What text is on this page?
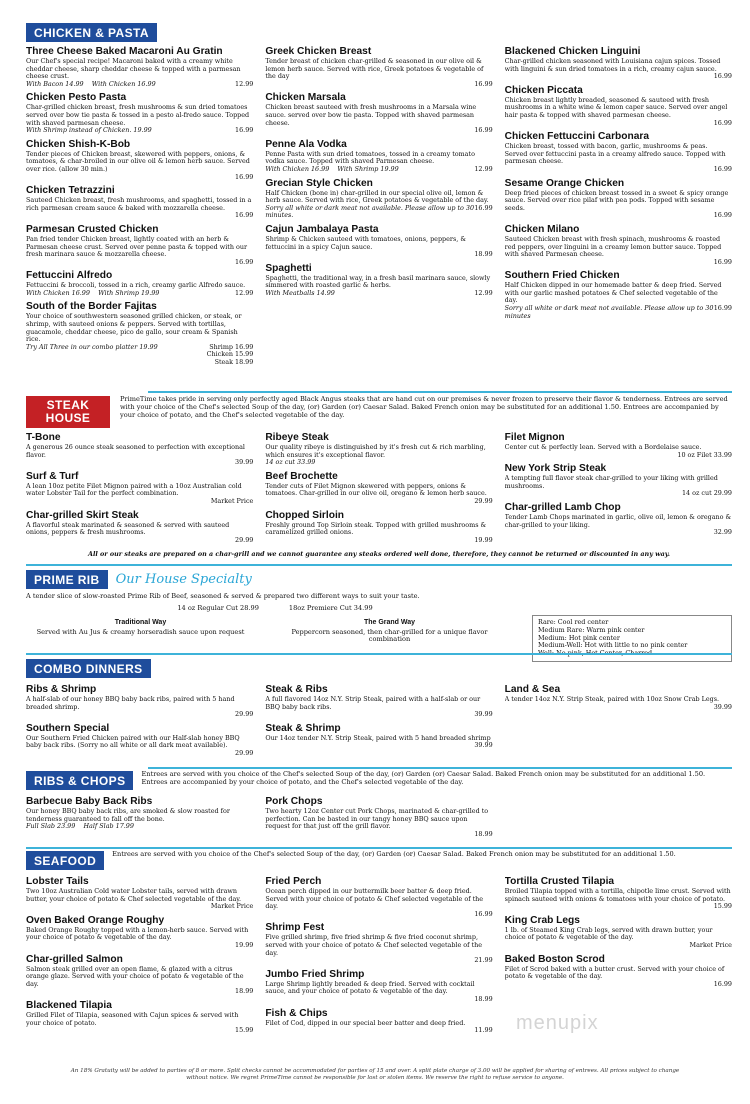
CHICKEN & PASTA
Three Cheese Baked Macaroni Au Gratin
Our Chef's special recipe! Macaroni baked with a creamy white cheddar cheese, sharp cheddar cheese & topped with a parmesan cheese crust.
With Bacon 14.99    With Chicken 16.99	12.99
Chicken Pesto Pasta
Char-grilled chicken breast, fresh mushrooms & sun dried tomatoes served over bow tie pasta & tossed in a pesto al-fredo sauce. Topped with shaved parmesan cheese.
With Shrimp instead of Chicken. 19.99	16.99
Chicken Shish-K-Bob
Tender pieces of Chicken breast, skewered with peppers, onions, & tomatoes, & char-broiled in our olive oil & lemon herb sauce. Served over rice. (allow 30 min.)
16.99
Chicken Tetrazzini
Sauteed Chicken breast, fresh mushrooms, and spaghetti, tossed in a rich parmesan cream sauce & baked with mozzarella cheese.
16.99
Parmesan Crusted Chicken
Pan fried tender Chicken breast, lightly coated with an herb & Parmesan cheese crust. Served over penne pasta & topped with our fresh marinara sauce & mozzarella cheese.
16.99
Fettuccini Alfredo
Fettuccini & broccoli, tossed in a rich, creamy garlic Alfredo sauce.
With Chicken 16.99    With Shrimp 19.99	12.99
South of the Border Fajitas
Your choice of southwestern seasoned grilled chicken, or steak, or shrimp, with sauteed onions & peppers. Served with tortillas, guacamole, cheddar cheese, pico de gallo, sour cream & Spanish rice.
Try All Three in our combo platter 19.99	Shrimp 16.99
Chicken 15.99
Steak 18.99
Greek Chicken Breast
Tender breast of chicken char-grilled & seasoned in our olive oil & lemon herb sauce. Served with rice, Greek potatoes & vegetable of the day
16.99
Chicken Marsala
Chicken breast sauteed with fresh mushrooms in a Marsala wine sauce. served over bow tie pasta. Topped with shaved parmesan cheese.
16.99
Penne Ala Vodka
Penne Pasta with sun dried tomatoes, tossed in a creamy tomato vodka sauce. Topped with shaved Parmesan cheese.
With Chicken 16.99    With Shrimp 19.99	12.99
Grecian Style Chicken
Half Chicken (bone in) char-grilled in our special olive oil, lemon & herb sauce. Served with rice, Greek potatoes & vegetable of the day.
Sorry all white or dark meat not available. Please allow up to 30 minutes.
16.99
Cajun Jambalaya Pasta
Shrimp & Chicken sauteed with tomatoes, onions, peppers, & fettuccini in a spicy Cajun sauce.
18.99
Spaghetti
Spaghetti, the traditional way, in a fresh basil marinara sauce, slowly simmered with roasted garlic & herbs.
With Meatballs 14.99	12.99
Blackened Chicken Linguini
Char-grilled chicken seasoned with Louisiana cajun spices. Tossed with linguini & sun dried tomatoes in a rich, creamy cajun sauce.
16.99
Chicken Piccata
Chicken breast lightly breaded, seasoned & sauteed with fresh mushrooms in a white wine & lemon caper sauce. Served over angel hair pasta & topped with shaved parmesan cheese.
16.99
Chicken Fettuccini Carbonara
Chicken breast, tossed with bacon, garlic, mushrooms & peas. Served over fettuccini pasta in a creamy alfredo sauce. Topped with parmesan cheese.
16.99
Sesame Orange Chicken
Deep fried pieces of chicken breast tossed in a sweet & spicy orange sauce. Served over rice pilaf with pea pods. Topped with sesame seeds.
16.99
Chicken Milano
Sauteed Chicken breast with fresh spinach, mushrooms & roasted red peppers, over linguini in a creamy lemon butter sauce. Topped with shaved Parmesan cheese.
16.99
Southern Fried Chicken
Half Chicken dipped in our homemade batter & deep fried. Served with our garlic mashed potatoes & Chef selected vegetable of the day.
Sorry all white or dark meat not available. Please allow up to 30 minutes
16.99
STEAK
HOUSE
PrimeTime takes pride in serving only perfectly aged Black Angus steaks that are hand cut on our premises & never frozen to preserve their flavor & tenderness. Entrees are served with your choice of the Chef's selected Soup of the day, (or) Garden (or) Caesar Salad. Baked French onion may be substituted for an additional 1.50. Entrees are accompanied by your choice of potato, and the Chef's selected vegetable of the day.
T-Bone
A generous 26 ounce steak seasoned to perfection with exceptional flavor.
39.99
Surf & Turf
A lean 10oz petite Filet Mignon paired with a 10oz Australian cold water Lobster Tail for the perfect combination.
Market Price
Char-grilled Skirt Steak
A flavorful steak marinated & seasoned & served with sauteed onions, peppers & fresh mushrooms.
29.99
Ribeye Steak
Our quality ribeye is distinguished by it's fresh cut & rich marbling, which ensures it's exceptional flavor.
14 oz cut 33.99
Beef Brochette
Tender cuts of Filet Mignon skewered with peppers, onions & tomatoes. Char-grilled in our olive oil, oregano & lemon herb sauce.
29.99
Chopped Sirloin
Freshly ground Top Sirloin steak. Topped with grilled mushrooms & caramelized grilled onions.
19.99
Filet Mignon
Center cut & perfectly lean. Served with a Bordelaise sauce.
10 oz Filet 33.99
New York Strip Steak
A tempting full flavor steak char-grilled to your liking with grilled mushrooms.
14 oz cut 29.99
Char-grilled Lamb Chop
Tender Lamb Chops marinated in garlic, olive oil, lemon & oregano & char-grilled to your liking.
32.99
All or our steaks are prepared on a char-grill and we cannot guarantee any steaks ordered well done, therefore, they cannot be returned or discounted in any way.
PRIME RIB	Our House Specialty
A tender slice of slow-roasted Prime Rib of Beef, seasoned & served & prepared two different ways to suit your taste.
14 oz Regular Cut 28.99	18oz Premiere Cut 34.99
Traditional Way
Served with Au Jus & creamy horseradish sauce upon request
The Grand Way
Peppercorn seasoned, then char-grilled for a unique flavor combination
Rare: Cool red center
Medium Rare: Warm pink center
Medium: Hot pink center
Medium-Well: Hot with little to no pink center
COMBO DINNERS
Ribs & Shrimp
A half-slab of our honey BBQ baby back ribs, paired with 5 hand breaded shrimp.
29.99
Southern Special
Our Southern Fried Chicken paired with our Half-slab honey BBQ baby back ribs. (Sorry no all white or all dark meat available).
29.99
Steak & Ribs
A full flavored 14oz N.Y. Strip Steak, paired with a half-slab or our BBQ baby back ribs.
39.99
Steak & Shrimp
Our 14oz tender N.Y. Strip Steak, paired with 5 hand breaded shrimp
39.99
Land & Sea
A tender 14oz N.Y. Strip Steak, paired with 10oz Snow Crab Legs.
39.99
RIBS & CHOPS	Entrees are served with you choice of the Chef's selected Soup of the day, (or) Garden (or) Caesar Salad. Baked French onion may be substituted for an additional 1.50. Entrees are accompanied by your choice of potato, and the Chef's selected vegetable of the day.
Barbecue Baby Back Ribs
Our honey BBQ baby back ribs, are smoked & slow roasted for tenderness guaranteed to fall off the bone.
Full Slab 23.99    Half Slab 17.99
Pork Chops
Two hearty 12oz Center cut Pork Chops, marinated & char-grilled to perfection. Can be basted in our tangy honey BBQ sauce upon request for that just off the grill flavor.
18.99
SEAFOOD	Entrees are served with you choice of the Chef's selected Soup of the day, (or) Garden (or) Caesar Salad. Baked French onion may be substituted for an additional 1.50.
Lobster Tails
Two 10oz Australian Cold water Lobster tails, served with drawn butter, your choice of potato & Chef selected vegetable of the day.
Market Price
Oven Baked Orange Roughy
Baked Orange Roughy topped with a lemon-herb sauce. Served with your choice of potato & vegetable of the day.
19.99
Char-grilled Salmon
Salmon steak grilled over an open flame, & glazed with a citrus orange glaze. Served with your choice of potato & vegetable of the day.
18.99
Blackened Tilapia
Grilled Filet of Tilapia, seasoned with Cajun spices & served with your choice of potato.
15.99
Fried Perch
Ocean perch dipped in our buttermilk beer batter & deep fried. Served with your choice of potato & Chef selected vegetable of the day.
16.99
Shrimp Fest
Five grilled shrimp, five fried shrimp & five fried coconut shrimp, served with your choice of potato & Chef selected vegetable of the day.
21.99
Jumbo Fried Shrimp
Large Shrimp lightly breaded & deep fried. Served with cocktail sauce, and your choice of potato & vegetable of the day.
18.99
Fish & Chips
Filet of Cod, dipped in our special beer batter and deep fried.
11.99
Tortilla Crusted Tilapia
Broiled Tilapia topped with a tortilla, chipotle lime crust. Served with spinach sauteed with onions & tomatoes with your choice of potato.
15.99
King Crab Legs
1 lb. of Steamed King Crab legs, served with drawn butter, your choice of potato & vegetable of the day.
Market Price
Baked Boston Scrod
Filet of Scrod baked with a butter crust. Served with your choice of potato & vegetable of the day.
16.99
menupix
An 18% Gratuity will be added to parties of 8 or more. Split checks cannot be accommodated for parties of 15 and over. A split plate charge of 3.00 will be applied for sharing of entrees. All prices subject to change without notice. We regret PrimeTime cannot be responsible for lost or stolen items. We reserve the right to refuse service to anyone.
